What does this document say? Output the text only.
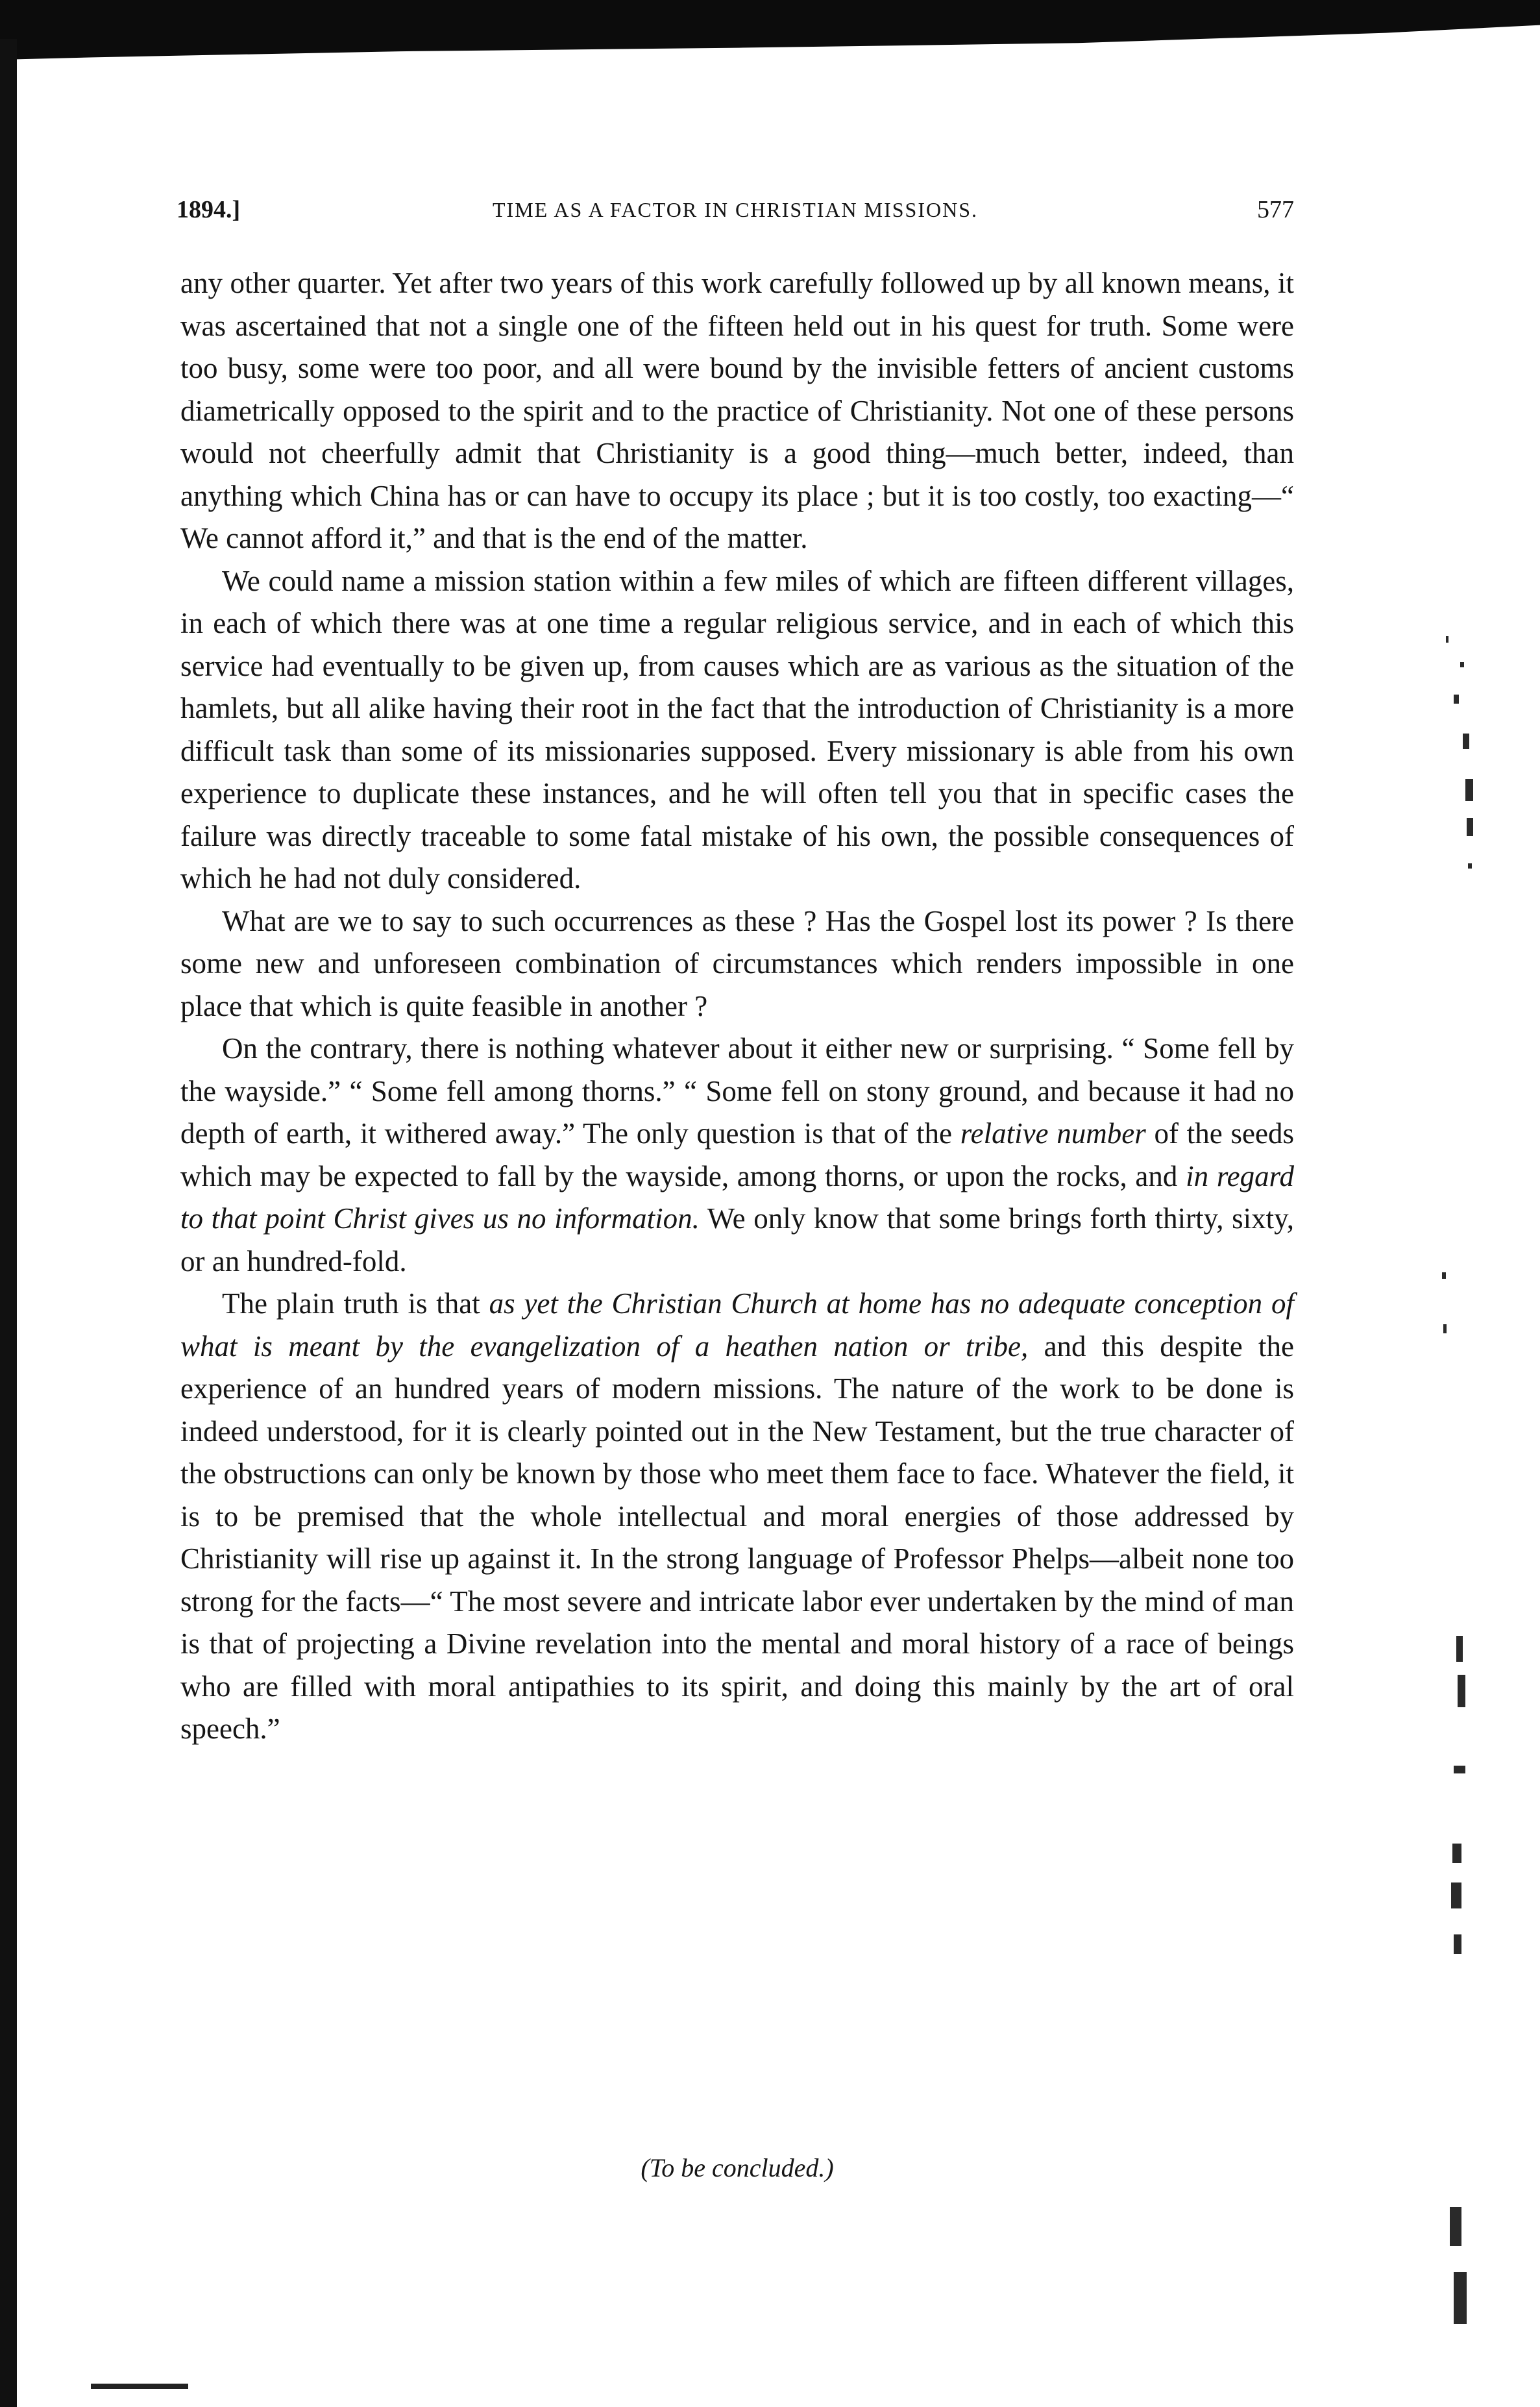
1894.]	TIME AS A FACTOR IN CHRISTIAN MISSIONS.	577

any other quarter. Yet after two years of this work carefully followed up by all known means, it was ascertained that not a single one of the fifteen held out in his quest for truth. Some were too busy, some were too poor, and all were bound by the invisible fetters of ancient customs diametrically opposed to the spirit and to the practice of Christianity. Not one of these persons would not cheerfully admit that Christianity is a good thing—much better, indeed, than anything which China has or can have to occupy its place ; but it is too costly, too exacting—“ We cannot afford it,” and that is the end of the matter.

We could name a mission station within a few miles of which are fifteen different villages, in each of which there was at one time a regular religious service, and in each of which this service had eventually to be given up, from causes which are as various as the situation of the hamlets, but all alike having their root in the fact that the introduction of Christianity is a more difficult task than some of its missionaries supposed. Every missionary is able from his own experience to duplicate these instances, and he will often tell you that in specific cases the failure was directly traceable to some fatal mistake of his own, the possible consequences of which he had not duly considered.

What are we to say to such occurrences as these ? Has the Gospel lost its power ? Is there some new and unforeseen combination of circumstances which renders impossible in one place that which is quite feasible in another ?

On the contrary, there is nothing whatever about it either new or surprising. “ Some fell by the wayside.” “ Some fell among thorns.” “ Some fell on stony ground, and because it had no depth of earth, it withered away.” The only question is that of the relative number of the seeds which may be expected to fall by the wayside, among thorns, or upon the rocks, and in regard to that point Christ gives us no information. We only know that some brings forth thirty, sixty, or an hundred-fold.

The plain truth is that as yet the Christian Church at home has no adequate conception of what is meant by the evangelization of a heathen nation or tribe, and this despite the experience of an hundred years of modern missions. The nature of the work to be done is indeed understood, for it is clearly pointed out in the New Testament, but the true character of the obstructions can only be known by those who meet them face to face. Whatever the field, it is to be premised that the whole intellectual and moral energies of those addressed by Christianity will rise up against it. In the strong language of Professor Phelps—albeit none too strong for the facts—“ The most severe and intricate labor ever undertaken by the mind of man is that of projecting a Divine revelation into the mental and moral history of a race of beings who are filled with moral antipathies to its spirit, and doing this mainly by the art of oral speech.”

(To be concluded.)
